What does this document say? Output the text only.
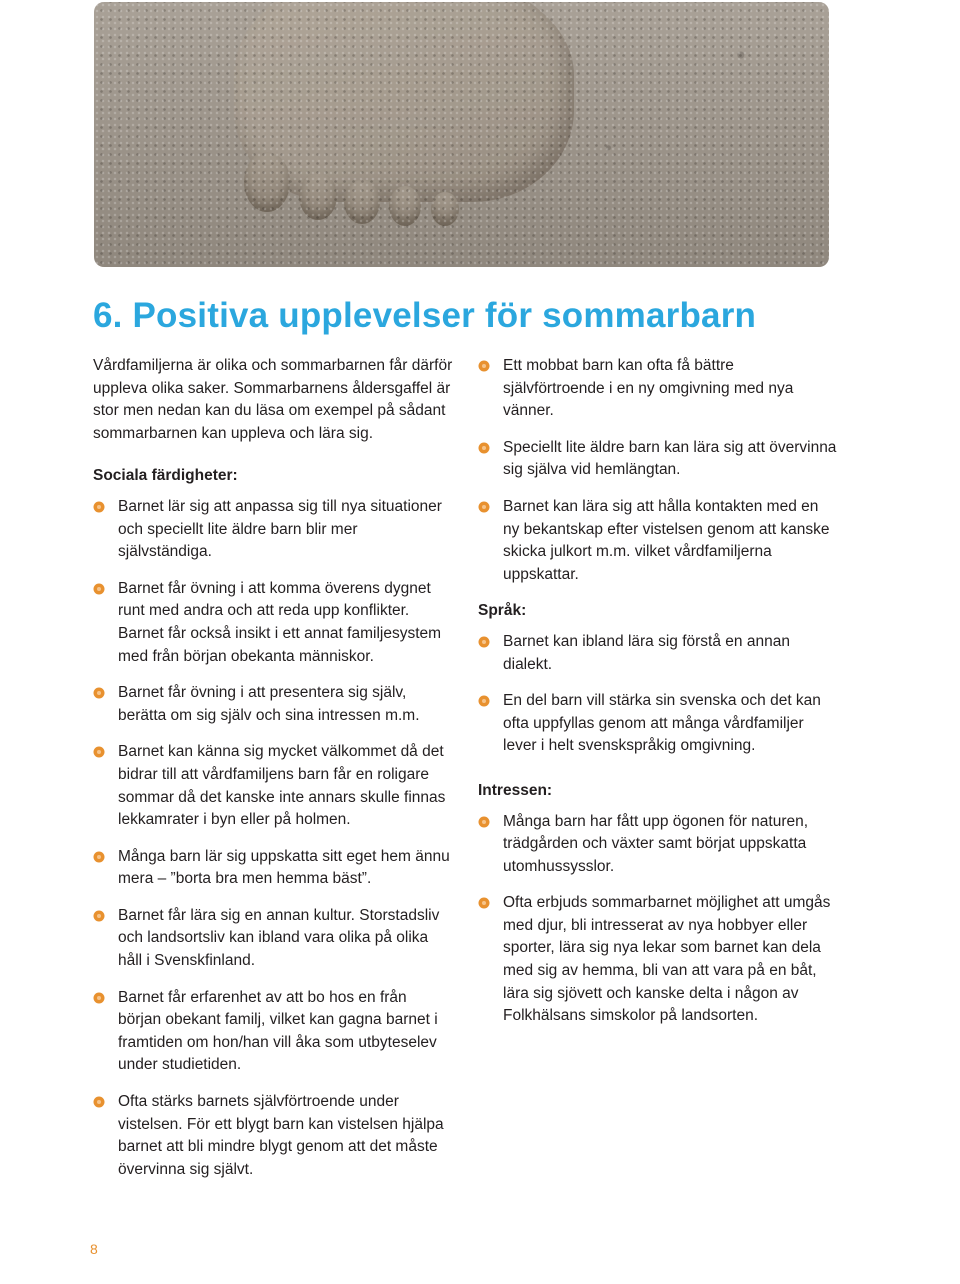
6. Positiva upplevelser för sommarbarn

Vårdfamiljerna är olika och sommarbarnen får därför uppleva olika saker. Sommarbarnens åldersgaffel är stor men nedan kan du läsa om exempel på sådant sommarbarnen kan uppleva och lära sig.

Sociala färdigheter:
Barnet lär sig att anpassa sig till nya situationer och speciellt lite äldre barn blir mer självständiga.
Barnet får övning i att komma överens dygnet runt med andra och att reda upp konflikter. Barnet får också insikt i ett annat familjesystem med från början obekanta människor.
Barnet får övning i att presentera sig själv, berätta om sig själv och sina intressen m.m.
Barnet kan känna sig mycket välkommet då det bidrar till att vårdfamiljens barn får en roligare sommar då det kanske inte annars skulle finnas lekkamrater i byn eller på holmen.
Många barn lär sig uppskatta sitt eget hem ännu mera – ”borta bra men hemma bäst”.
Barnet får lära sig en annan kultur. Storstadsliv och landsortsliv kan ibland vara olika på olika håll i Svenskfinland.
Barnet får erfarenhet av att bo hos en från början obekant familj, vilket kan gagna barnet i framtiden om hon/han vill åka som utbyteselev under studietiden.
Ofta stärks barnets självförtroende under vistelsen. För ett blygt barn kan vistelsen hjälpa barnet att bli mindre blygt genom att det måste övervinna sig självt.
Ett mobbat barn kan ofta få bättre självförtroende i en ny omgivning med nya vänner.
Speciellt lite äldre barn kan lära sig att övervinna sig själva vid hemlängtan.
Barnet kan lära sig att hålla kontakten med en ny bekantskap efter vistelsen genom att kanske skicka julkort m.m. vilket vårdfamiljerna uppskattar.
Språk:
Barnet kan ibland lära sig förstå en annan dialekt.
En del barn vill stärka sin svenska och det kan ofta uppfyllas genom att många vårdfamiljer lever i helt svenskspråkig omgivning.
Intressen:
Många barn har fått upp ögonen för naturen, trädgården och växter samt börjat uppskatta utomhussysslor.
Ofta erbjuds sommarbarnet möjlighet att umgås med djur, bli intresserat av nya hobbyer eller sporter, lära sig nya lekar som barnet kan dela med sig av hemma, bli van att vara på en båt, lära sig sjövett och kanske delta i någon av Folkhälsans simskolor på landsorten.
8
